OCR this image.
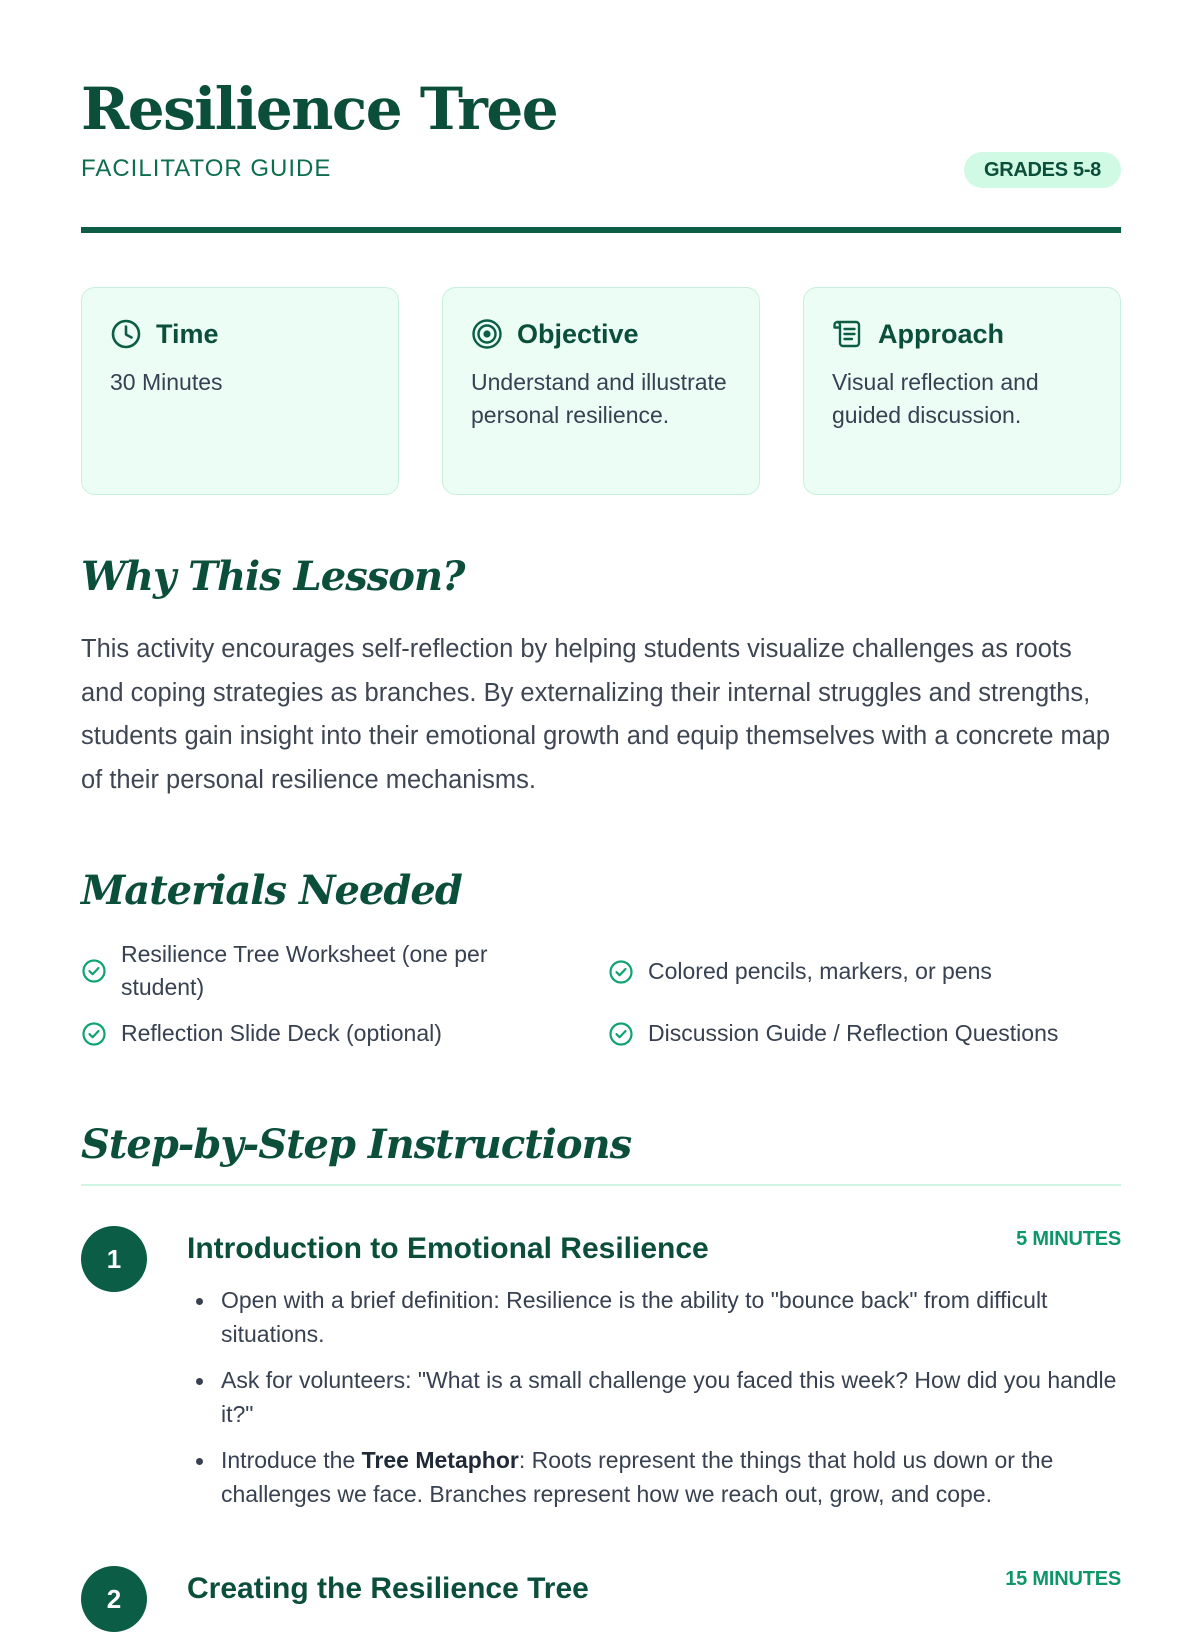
Resilience Tree
FACILITATOR GUIDE	GRADES 5-8
Time
30 Minutes
Objective
Understand and illustrate personal resilience.
Approach
Visual reflection and guided discussion.
Why This Lesson?

This activity encourages self-reflection by helping students visualize challenges as roots and coping strategies as branches. By externalizing their internal struggles and strengths, students gain insight into their emotional growth and equip themselves with a concrete map of their personal resilience mechanisms.

Materials Needed
Resilience Tree Worksheet (one per student)
Colored pencils, markers, or pens
Reflection Slide Deck (optional)	Discussion Guide / Reflection Questions
Step-by-Step Instructions
1	Introduction to Emotional Resilience	5 MINUTES
Open with a brief definition: Resilience is the ability to "bounce back" from difficult situations.
Ask for volunteers: "What is a small challenge you faced this week? How did you handle it?"
Introduce the Tree Metaphor: Roots represent the things that hold us down or the challenges we face. Branches represent how we reach out, grow, and cope.
2	Creating the Resilience Tree	15 MINUTES
